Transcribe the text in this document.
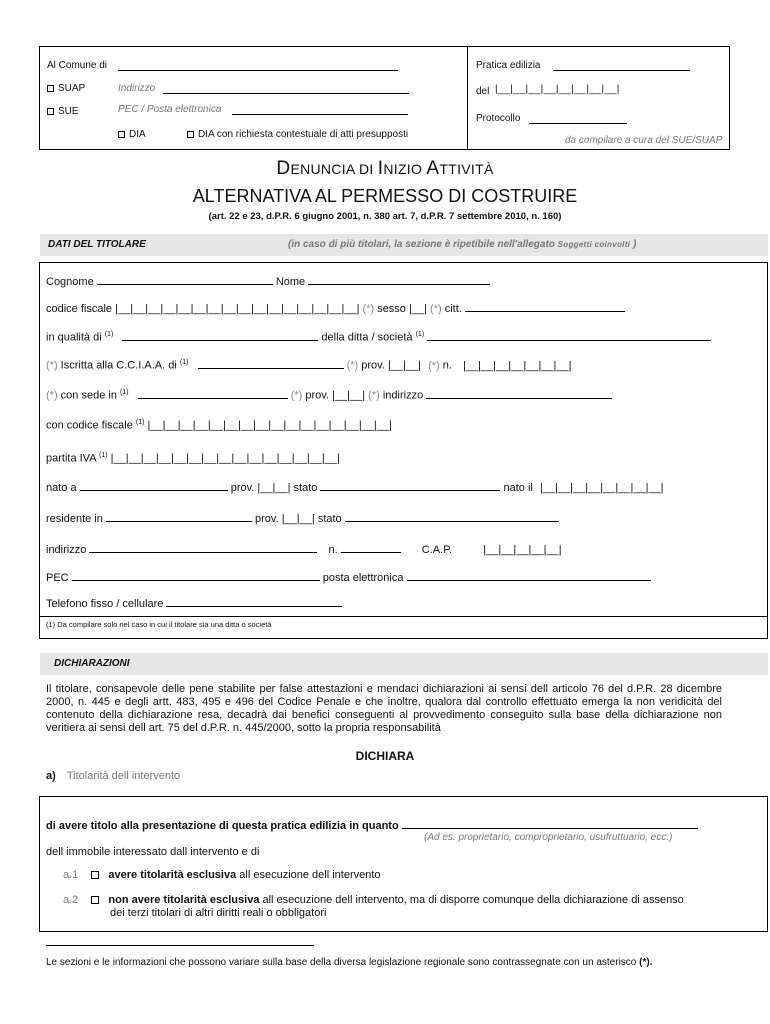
Al Comune di
SUAP	Indirizzo
SUE	PEC / Posta elettronica
DIA	DIA con richiesta contestuale di atti presupposti
Pratica edilizia
del |__|__|__|__|__|__|__|__|
Protocollo
da compilare a cura del SUE/SUAP
DENUNCIA DI INIZIO ATTIVITÀ
ALTERNATIVA AL PERMESSO DI COSTRUIRE
(art. 22 e 23, d.P.R. 6 giugno 2001, n. 380 art. 7, d.P.R. 7 settembre 2010, n. 160)
DATI DEL TITOLARE	(in caso di più titolari, la sezione è ripetibile nell'allegato Soggetti coinvolti )
Cognome	Nome
codice fiscale |__|__|__|__|__|__|__|__|__|__|__|__|__|__|__|__| (*) sesso |__| (*) citt.
in qualità di $^{(1)}$	della ditta / società $^{(1)}$
(*) Iscritta alla C.C.I.A.A. di $^{(1)}$	(*) prov. |__|__| (*) n. |__|__|__|__|__|__|__|
(*) con sede in $^{(1)}$	(*) prov. |__|__| (*) indirizzo
con codice fiscale $^{(1)}$ |__|__|__|__|__|__|__|__|__|__|__|__|__|__|__|__|
partita IVA $^{(1)}$ |__|__|__|__|__|__|__|__|__|__|__|__|__|__|__|
nato a	prov. |__|__| stato	nato il |__|__|__|__|__|__|__|__|
residente in	prov. |__|__| stato
indirizzo	n.	C.A.P.	|__|__|__|__|__|
PEC	posta elettronica
Telefono fisso / cellulare
(1) Da compilare solo nel caso in cui il titolare sia una ditta o società
DICHIARAZIONI
Il titolare, consapevole delle pene stabilite per false attestazioni e mendaci dichiarazioni ai sensi dell articolo 76 del d.P.R. 28 dicembre 2000, n. 445 e degli artt. 483, 495 e 496 del Codice Penale e che inoltre, qualora dal controllo effettuato emerga la non veridicità del contenuto della dichiarazione resa, decadrà dai benefici conseguenti al provvedimento conseguito sulla base della dichiarazione non veritiera ai sensi dell art. 75 del d.P.R. n. 445/2000, sotto la propria responsabilità
DICHIARA
a) Titolarità dell intervento
di avere titolo alla presentazione di questa pratica edilizia in quanto
(Ad es. proprietario, comproprietario, usufruttuario, ecc.)
dell immobile interessato dall intervento e di
a.1	avere titolarità esclusiva all esecuzione dell intervento
a.2	non avere titolarità esclusiva all esecuzione dell intervento, ma di disporre comunque della dichiarazione di assenso
dei terzi titolari di altri diritti reali o obbligatori
Le sezioni e le informazioni che possono variare sulla base della diversa legislazione regionale sono contrassegnate con un asterisco (*).
